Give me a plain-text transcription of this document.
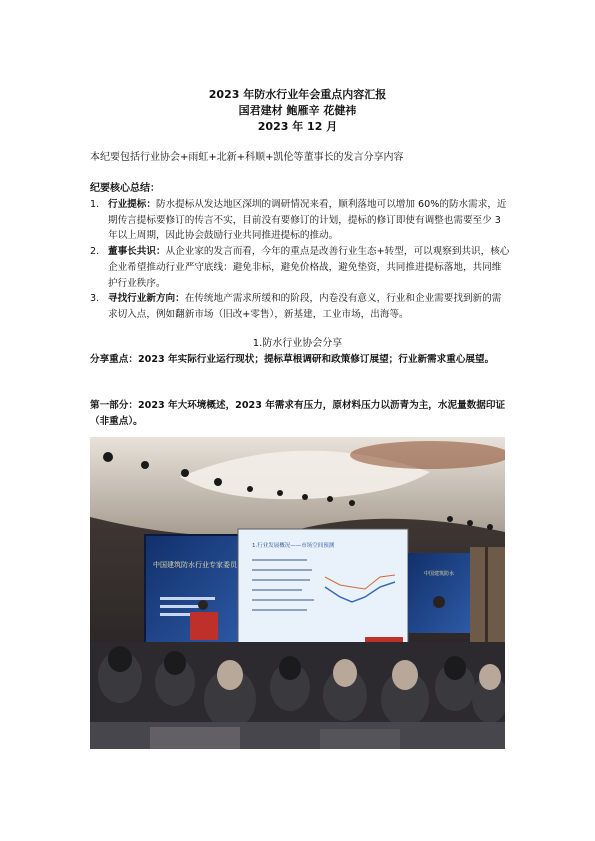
2023 年防水行业年会重点内容汇报
国君建材 鲍雁辛 花健祎
2023 年 12 月
本纪要包括行业协会+雨虹+北新+科顺+凯伦等董事长的发言分享内容
纪要核心总结：
1. 行业提标：防水提标从发达地区深圳的调研情况来看，顺利落地可以增加 60%的防水需求，近期传言提标要修订的传言不实，目前没有要修订的计划，提标的修订即使有调整也需要至少 3 年以上周期，因此协会鼓励行业共同推进提标的推动。
2. 董事长共识：从企业家的发言而看，今年的重点是改善行业生态+转型，可以观察到共识，核心企业希望推动行业严守底线：避免非标，避免价格战，避免垫资，共同推进提标落地，共同维护行业秩序。
3. 寻找行业新方向：在传统地产需求所缓和的阶段，内卷没有意义，行业和企业需要找到新的需求切入点，例如翻新市场（旧改+零售），新基建，工业市场，出海等。
1.防水行业协会分享
分享重点：2023 年实际行业运行现状；提标草根调研和政策修订展望；行业新需求重心展望。
第一部分：2023 年大环境概述，2023 年需求有压力，原材料压力以沥青为主，水泥量数据印证（非重点）。
中国建筑防水行业专家委员
1.行业发展概况——市场空间预测
中国建筑防水
